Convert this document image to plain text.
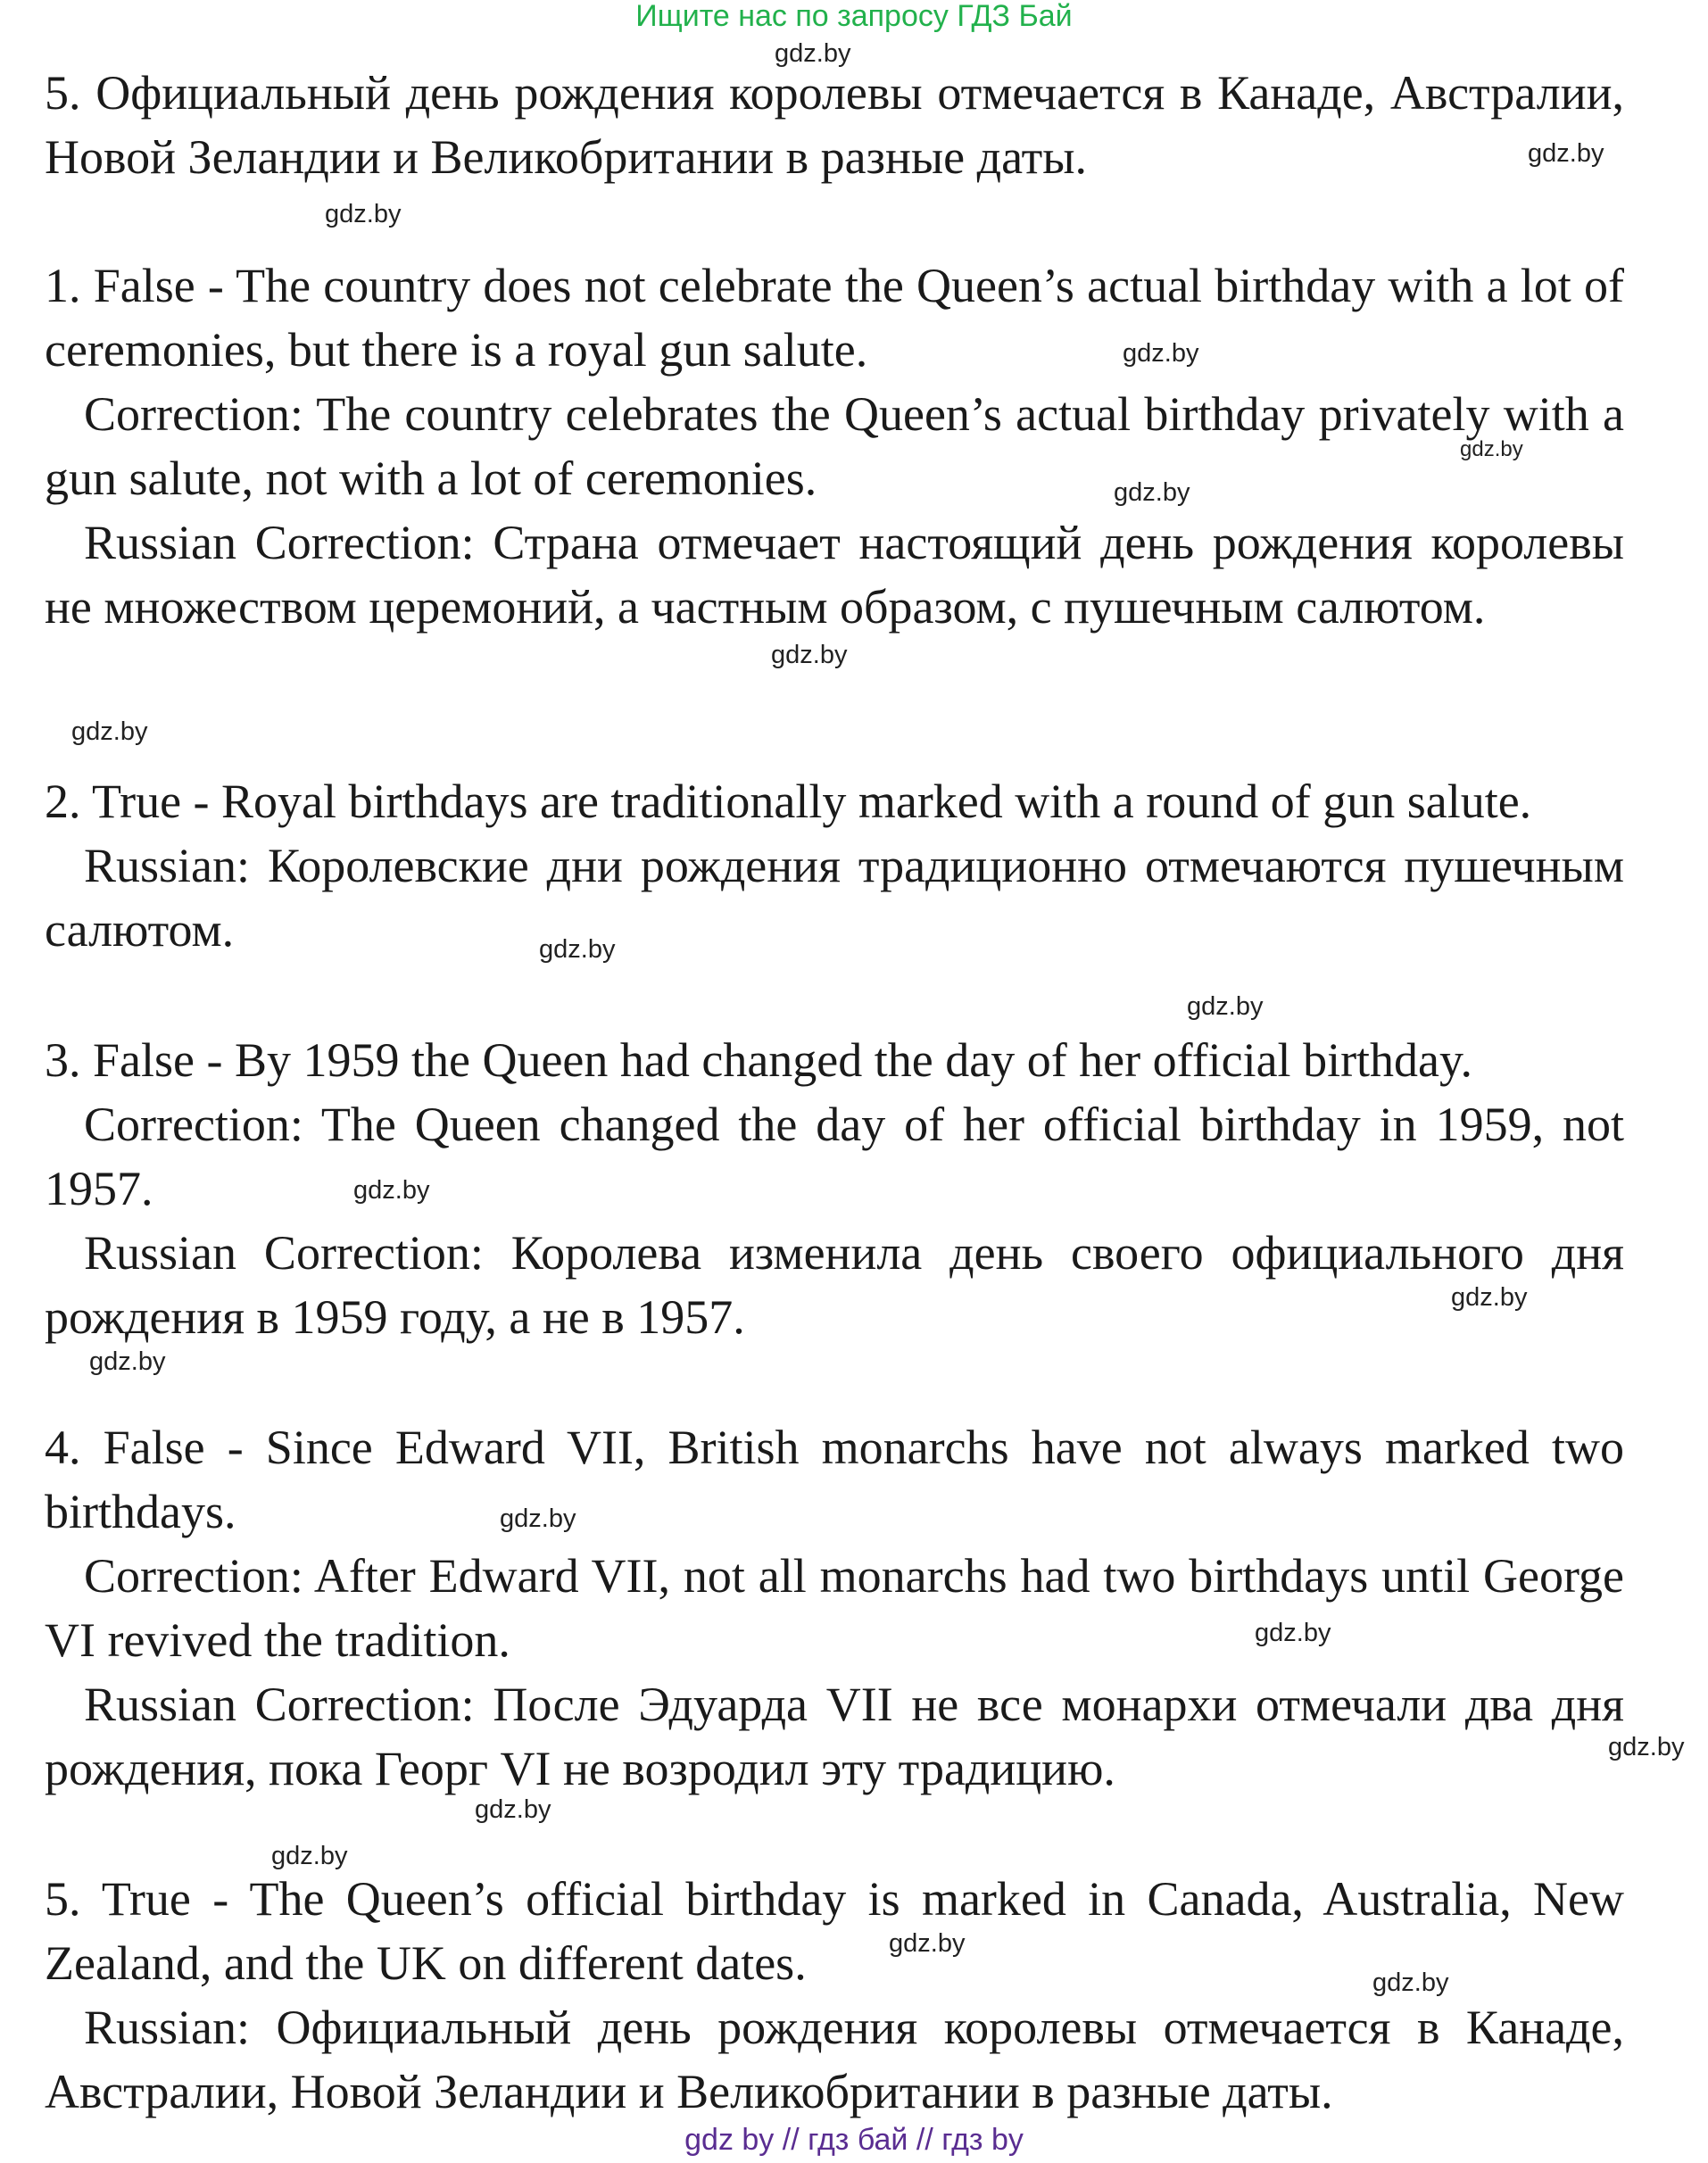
Ищите нас по запросу ГДЗ Бай

5. Официальный день рождения королевы отмечается в Канаде, Австралии, Новой Зеландии и Великобритании в разные даты.

1. False - The country does not celebrate the Queen’s actual birthday with a lot of ceremonies, but there is a royal gun salute.

Correction: The country celebrates the Queen’s actual birthday privately with a gun salute, not with a lot of ceremonies.

Russian Correction: Страна отмечает настоящий день рождения королевы не множеством церемоний, а частным образом, с пушечным салютом.

2. True - Royal birthdays are traditionally marked with a round of gun salute.

Russian: Королевские дни рождения традиционно отмечаются пушечным салютом.

3. False - By 1959 the Queen had changed the day of her official birthday.

Correction: The Queen changed the day of her official birthday in 1959, not 1957.

Russian Correction: Королева изменила день своего официального дня рождения в 1959 году, а не в 1957.

4. False - Since Edward VII, British monarchs have not always marked two birthdays.

Correction: After Edward VII, not all monarchs had two birthdays until George VI revived the tradition.

Russian Correction: После Эдуарда VII не все монархи отмечали два дня рождения, пока Георг VI не возродил эту традицию.

5. True - The Queen’s official birthday is marked in Canada, Australia, New Zealand, and the UK on different dates.

Russian: Официальный день рождения королевы отмечается в Канаде, Австралии, Новой Зеландии и Великобритании в разные даты.

gdz.by
gdz.by
gdz.by
gdz.by
gdz.by
gdz.by
gdz.by
gdz.by
gdz.by
gdz.by
gdz.by
gdz.by
gdz.by
gdz.by
gdz.by
gdz.by
gdz.by
gdz.by
gdz.by
gdz.by
gdz by // гдз бай // гдз by
